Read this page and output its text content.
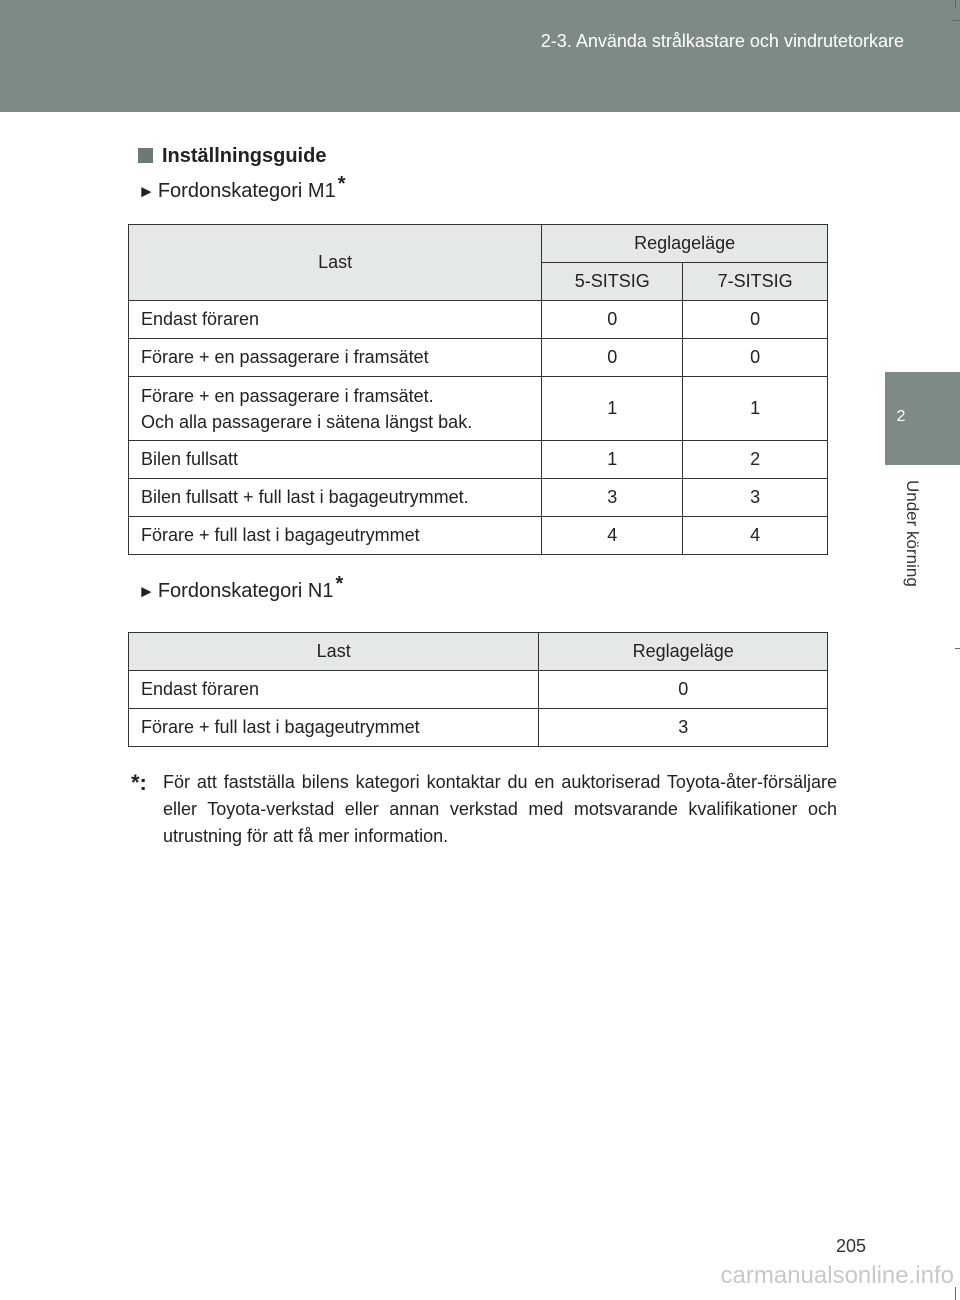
2-3. Använda strålkastare och vindrutetorkare
2
Under körning
Inställningsguide
► Fordonskategori M1 *
Last	Reglageläge	
	5-SITSIG	7-SITSIG
Endast föraren	0	0
Förare + en passagerare i framsätet	0	0
Förare + en passagerare i framsätet.
Och alla passagerare i sätena längst bak.	1	1
Bilen fullsatt	1	2
Bilen fullsatt + full last i bagageutrymmet.	3	3
Förare + full last i bagageutrymmet	4	4
► Fordonskategori N1 *
Last	Reglageläge
Endast föraren	0
Förare + full last i bagageutrymmet	3
*: För att fastställa bilens kategori kontaktar du en auktoriserad Toyota-åter-försäljare eller Toyota-verkstad eller annan verkstad med motsvarande kvalifikationer och utrustning för att få mer information.
205
carmanualsonline.info
